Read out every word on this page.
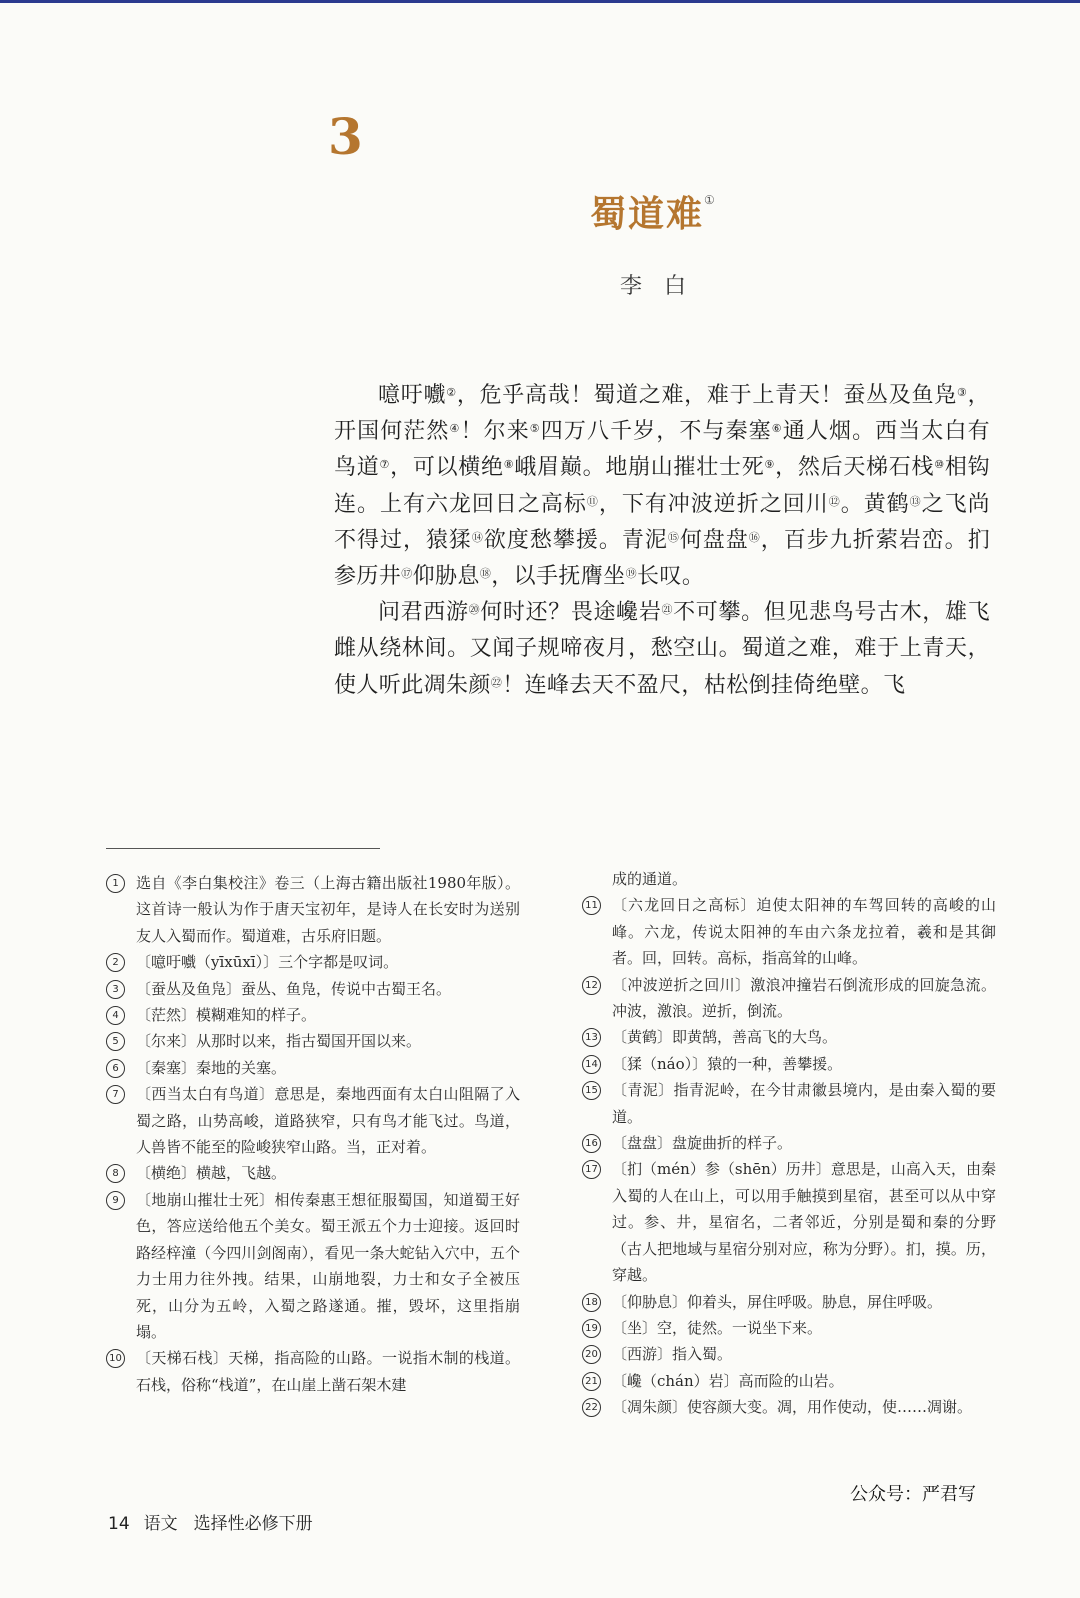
3
蜀道难①
李白

噫吁嚱②，危乎高哉！蜀道之难，难于上青天！蚕丛及鱼凫③，开国何茫然④！尔来⑤四万八千岁，不与秦塞⑥通人烟。西当太白有鸟道⑦，可以横绝⑧峨眉巅。地崩山摧壮士死⑨，然后天梯石栈⑩相钩连。上有六龙回日之高标⑪，下有冲波逆折之回川⑫。黄鹤⑬之飞尚不得过，猿猱⑭欲度愁攀援。青泥⑮何盘盘⑯，百步九折萦岩峦。扪参历井⑰仰胁息⑱，以手抚膺坐⑲长叹。

问君西游⑳何时还？畏途巉岩$^㉑$不可攀。但见悲鸟号古木，雄飞雌从绕林间。又闻子规啼夜月，愁空山。蜀道之难，难于上青天，使人听此凋朱颜$^㉒$！连峰去天不盈尺，枯松倒挂倚绝壁。飞

1	选自《李白集校注》卷三（上海古籍出版社1980年版）。这首诗一般认为作于唐天宝初年，是诗人在长安时为送别友人入蜀而作。蜀道难，古乐府旧题。
2	〔噫吁嚱（yīxūxī）〕三个字都是叹词。
3	〔蚕丛及鱼凫〕蚕丛、鱼凫，传说中古蜀王名。
4	〔茫然〕模糊难知的样子。
5	〔尔来〕从那时以来，指古蜀国开国以来。
6	〔秦塞〕秦地的关塞。
7	〔西当太白有鸟道〕意思是，秦地西面有太白山阻隔了入蜀之路，山势高峻，道路狭窄，只有鸟才能飞过。鸟道，人兽皆不能至的险峻狭窄山路。当，正对着。
8	〔横绝〕横越，飞越。
9	〔地崩山摧壮士死〕相传秦惠王想征服蜀国，知道蜀王好色，答应送给他五个美女。蜀王派五个力士迎接。返回时路经梓潼（今四川剑阁南），看见一条大蛇钻入穴中，五个力士用力往外拽。结果，山崩地裂，力士和女子全被压死，山分为五岭，入蜀之路遂通。摧，毁坏，这里指崩塌。
10 〔天梯石栈〕天梯，指高险的山路。一说指木制的栈道。石栈，俗称“栈道”，在山崖上凿石架木建
成的通道。
11 〔六龙回日之高标〕迫使太阳神的车驾回转的高峻的山峰。六龙，传说太阳神的车由六条龙拉着，羲和是其御者。回，回转。高标，指高耸的山峰。
12 〔冲波逆折之回川〕激浪冲撞岩石倒流形成的回旋急流。冲波，激浪。逆折，倒流。
13 〔黄鹤〕即黄鹄，善高飞的大鸟。
14 〔猱（náo）〕猿的一种，善攀援。
15 〔青泥〕指青泥岭，在今甘肃徽县境内，是由秦入蜀的要道。
16 〔盘盘〕盘旋曲折的样子。
17 〔扪（mén）参（shēn）历井〕意思是，山高入天，由秦入蜀的人在山上，可以用手触摸到星宿，甚至可以从中穿过。参、井，星宿名，二者邻近，分别是蜀和秦的分野（古人把地域与星宿分别对应，称为分野）。扪，摸。历，穿越。
18 〔仰胁息〕仰着头，屏住呼吸。胁息，屏住呼吸。
19 〔坐〕空，徒然。一说坐下来。
20 〔西游〕指入蜀。
21 〔巉（chán）岩〕高而险的山岩。
22 〔凋朱颜〕使容颜大变。凋，用作使动，使……凋谢。
公众号：严君写
14 语文 选择性必修下册
